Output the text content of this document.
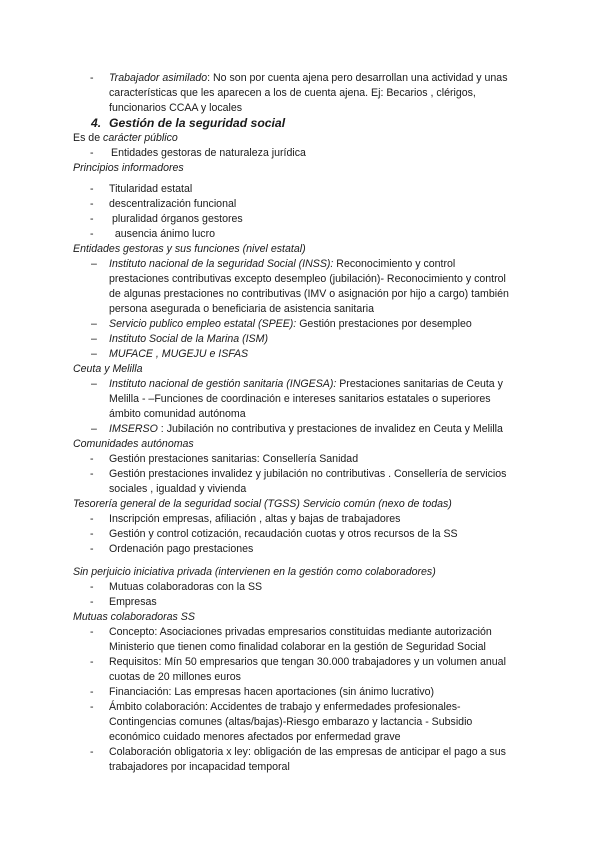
- Trabajador asimilado: No son por cuenta ajena pero desarrollan una actividad y unas
características que les aparecen a los de cuenta ajena. Ej: Becarios , clérigos,
funcionarios CCAA y locales
4. Gestión de la seguridad social
Es de carácter público
- Entidades gestoras de naturaleza jurídica
Principios informadores
- Titularidad estatal
- descentralización funcional
- pluralidad órganos gestores
- ausencia ánimo lucro
Entidades gestoras y sus funciones (nivel estatal)
– Instituto nacional de la seguridad Social (INSS): Reconocimiento y control
prestaciones contributivas excepto desempleo (jubilación)- Reconocimiento y control
de algunas prestaciones no contributivas (IMV o asignación por hijo a cargo) también
persona asegurada o beneficiaria de asistencia sanitaria
– Servicio publico empleo estatal (SPEE): Gestión prestaciones por desempleo
– Instituto Social de la Marina (ISM)
– MUFACE , MUGEJU e ISFAS
Ceuta y Melilla
– Instituto nacional de gestión sanitaria (INGESA): Prestaciones sanitarias de Ceuta y
Melilla - –Funciones de coordinación e intereses sanitarios estatales o superiores
ámbito comunidad autónoma
– IMSERSO : Jubilación no contributiva y prestaciones de invalidez en Ceuta y Melilla
Comunidades autónomas
- Gestión prestaciones sanitarias: Consellería Sanidad
- Gestión prestaciones invalidez y jubilación no contributivas . Consellería de servicios
sociales , igualdad y vivienda
Tesorería general de la seguridad social (TGSS) Servicio común (nexo de todas)
- Inscripción empresas, afiliación , altas y bajas de trabajadores
- Gestión y control cotización, recaudación cuotas y otros recursos de la SS
- Ordenación pago prestaciones
Sin perjuicio iniciativa privada (intervienen en la gestión como colaboradores)
- Mutuas colaboradoras con la SS
- Empresas
Mutuas colaboradoras SS
- Concepto: Asociaciones privadas empresarios constituidas mediante autorización
Ministerio que tienen como finalidad colaborar en la gestión de Seguridad Social
- Requisitos: Mín 50 empresarios que tengan 30.000 trabajadores y un volumen anual
cuotas de 20 millones euros
- Financiación: Las empresas hacen aportaciones (sin ánimo lucrativo)
- Ámbito colaboración: Accidentes de trabajo y enfermedades profesionales-
Contingencias comunes (altas/bajas)-Riesgo embarazo y lactancia - Subsidio
económico cuidado menores afectados por enfermedad grave
- Colaboración obligatoria x ley: obligación de las empresas de anticipar el pago a sus
trabajadores por incapacidad temporal
